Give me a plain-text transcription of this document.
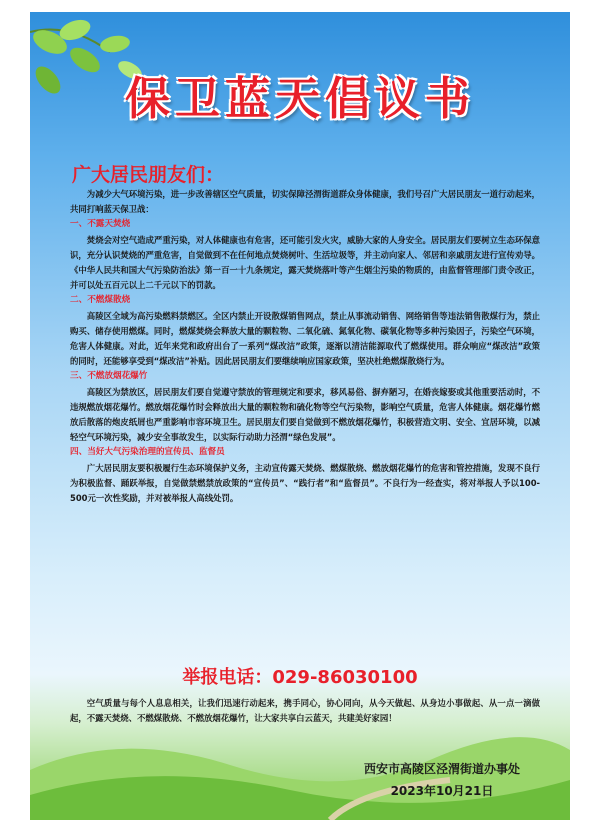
保卫蓝天倡议书
广大居民朋友们：

为减少大气环境污染，进一步改善辖区空气质量，切实保障泾渭街道群众身体健康，我们号召广大居民朋友一道行动起来，共同打响蓝天保卫战：

一、不露天焚烧

焚烧会对空气造成严重污染，对人体健康也有危害，还可能引发火灾，威胁大家的人身安全。居民朋友们要树立生态环保意识，充分认识焚烧的严重危害，自觉做到不在任何地点焚烧树叶、生活垃圾等，并主动向家人、邻居和亲戚朋友进行宣传劝导。《中华人民共和国大气污染防治法》第一百一十九条规定，露天焚烧落叶等产生烟尘污染的物质的，由监督管理部门责令改正，并可以处五百元以上二千元以下的罚款。

二、不燃煤散烧

高陵区全域为高污染燃料禁燃区。全区内禁止开设散煤销售网点，禁止从事流动销售、网络销售等违法销售散煤行为，禁止购买、储存使用燃煤。同时，燃煤焚烧会释放大量的颗粒物、二氧化硫、氮氧化物、碳氧化物等多种污染因子，污染空气环境，危害人体健康。对此，近年来党和政府出台了一系列“煤改洁”政策，逐渐以清洁能源取代了燃煤使用。群众响应“煤改洁”政策的同时，还能够享受到“煤改洁”补贴。因此居民朋友们要继续响应国家政策，坚决杜绝燃煤散烧行为。

三、不燃放烟花爆竹

高陵区为禁放区，居民朋友们要自觉遵守禁放的管理规定和要求，移风易俗、摒弃陋习，在婚丧嫁娶或其他重要活动时，不违规燃放烟花爆竹。燃放烟花爆竹时会释放出大量的颗粒物和硫化物等空气污染物，影响空气质量，危害人体健康。烟花爆竹燃放后散落的炮皮纸屑也严重影响市容环境卫生。居民朋友们要自觉做到不燃放烟花爆竹，积极营造文明、安全、宜居环境，以减轻空气环境污染，减少安全事故发生，以实际行动助力泾渭“绿色发展”。

四、当好大气污染治理的宣传员、监督员

广大居民朋友要积极履行生态环境保护义务，主动宣传露天焚烧、燃煤散烧、燃放烟花爆竹的危害和管控措施，发现不良行为积极监督、踊跃举报，自觉做禁燃禁放政策的“宣传员”、“践行者”和“监督员”。不良行为一经查实，将对举报人予以100-500元一次性奖励，并对被举报人高线处罚。

举报电话：029-86030100

空气质量与每个人息息相关，让我们迅速行动起来，携手同心，协心同向，从今天做起、从身边小事做起、从一点一滴做起，不露天焚烧、不燃煤散烧、不燃放烟花爆竹，让大家共享白云蓝天，共建美好家园！

西安市高陵区泾渭街道办事处
2023年10月21日
